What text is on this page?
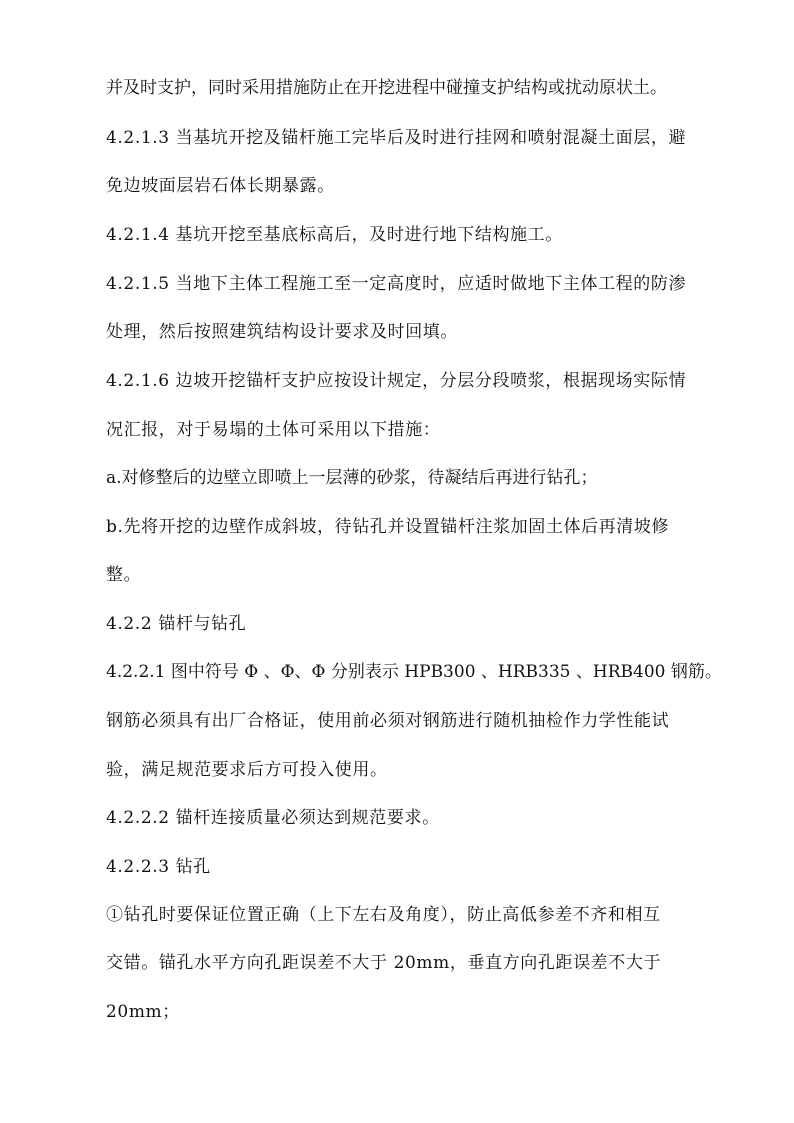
并及时支护，同时采用措施防止在开挖进程中碰撞支护结构或扰动原状土。
4.2.1.3 当基坑开挖及锚杆施工完毕后及时进行挂网和喷射混凝土面层，避
免边坡面层岩石体长期暴露。
4.2.1.4 基坑开挖至基底标高后，及时进行地下结构施工。
4.2.1.5 当地下主体工程施工至一定高度时，应适时做地下主体工程的防渗
处理，然后按照建筑结构设计要求及时回填。
4.2.1.6 边坡开挖锚杆支护应按设计规定，分层分段喷浆，根据现场实际情
况汇报，对于易塌的土体可采用以下措施：
a.对修整后的边壁立即喷上一层薄的砂浆，待凝结后再进行钻孔；
b.先将开挖的边壁作成斜坡，待钻孔并设置锚杆注浆加固土体后再清坡修
整。
4.2.2 锚杆与钻孔
4.2.2.1 图中符号 Φ 、Φ、Φ 分别表示 HPB300 、HRB335 、HRB400 钢筋。
钢筋必须具有出厂合格证，使用前必须对钢筋进行随机抽检作力学性能试
验，满足规范要求后方可投入使用。
4.2.2.2 锚杆连接质量必须达到规范要求。
4.2.2.3 钻孔
①钻孔时要保证位置正确（上下左右及角度），防止高低参差不齐和相互
交错。锚孔水平方向孔距误差不大于 20mm，垂直方向孔距误差不大于
20mm；
